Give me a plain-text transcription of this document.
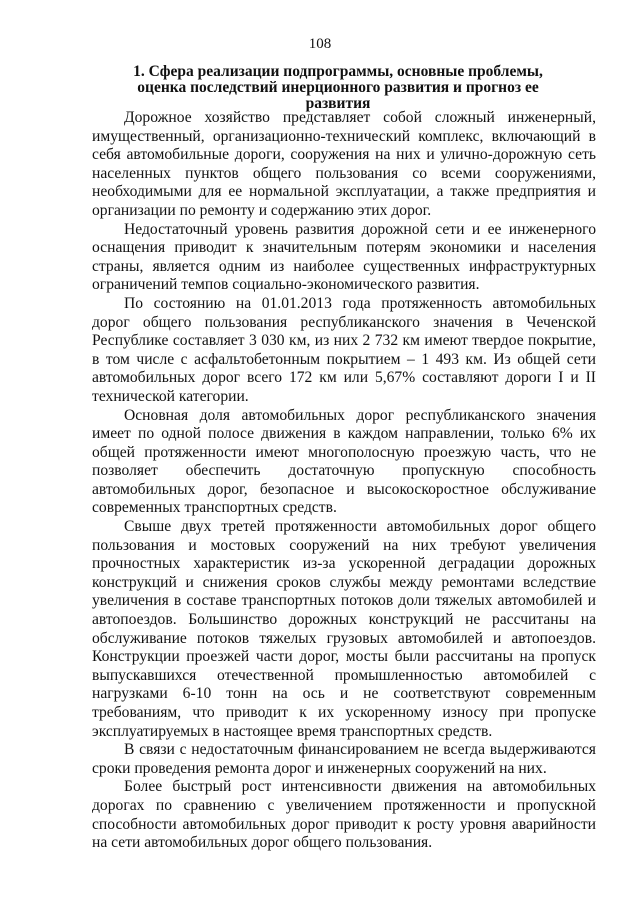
108
1. Сфера реализации подпрограммы, основные проблемы, оценка последствий инерционного развития и прогноз ее развития

Дорожное хозяйство представляет собой сложный инженерный, имущественный, организационно-технический комплекс, включающий в себя автомобильные дороги, сооружения на них и улично-дорожную сеть населенных пунктов общего пользования со всеми сооружениями, необходимыми для ее нормальной эксплуатации, а также предприятия и организации по ремонту и содержанию этих дорог.

Недостаточный уровень развития дорожной сети и ее инженерного оснащения приводит к значительным потерям экономики и населения страны, является одним из наиболее существенных инфраструктурных ограничений темпов социально-экономического развития.

По состоянию на 01.01.2013 года протяженность автомобильных дорог общего пользования республиканского значения в Чеченской Республике составляет 3 030 км, из них 2 732 км имеют твердое покрытие, в том числе с асфальтобетонным покрытием – 1 493 км. Из общей сети автомобильных дорог всего 172 км или 5,67% составляют дороги I и II технической категории.

Основная доля автомобильных дорог республиканского значения имеет по одной полосе движения в каждом направлении, только 6% их общей протяженности имеют многополосную проезжую часть, что не позволяет обеспечить достаточную пропускную способность автомобильных дорог, безопасное и высокоскоростное обслуживание современных транспортных средств.

Свыше двух третей протяженности автомобильных дорог общего пользования и мостовых сооружений на них требуют увеличения прочностных характеристик из-за ускоренной деградации дорожных конструкций и снижения сроков службы между ремонтами вследствие увеличения в составе транспортных потоков доли тяжелых автомобилей и автопоездов. Большинство дорожных конструкций не рассчитаны на обслуживание потоков тяжелых грузовых автомобилей и автопоездов. Конструкции проезжей части дорог, мосты были рассчитаны на пропуск выпускавшихся отечественной промышленностью автомобилей с нагрузками 6-10 тонн на ось и не соответствуют современным требованиям, что приводит к их ускоренному износу при пропуске эксплуатируемых в настоящее время транспортных средств.

В связи с недостаточным финансированием не всегда выдерживаются сроки проведения ремонта дорог и инженерных сооружений на них.

Более быстрый рост интенсивности движения на автомобильных дорогах по сравнению с увеличением протяженности и пропускной способности автомобильных дорог приводит к росту уровня аварийности на сети автомобильных дорог общего пользования.
